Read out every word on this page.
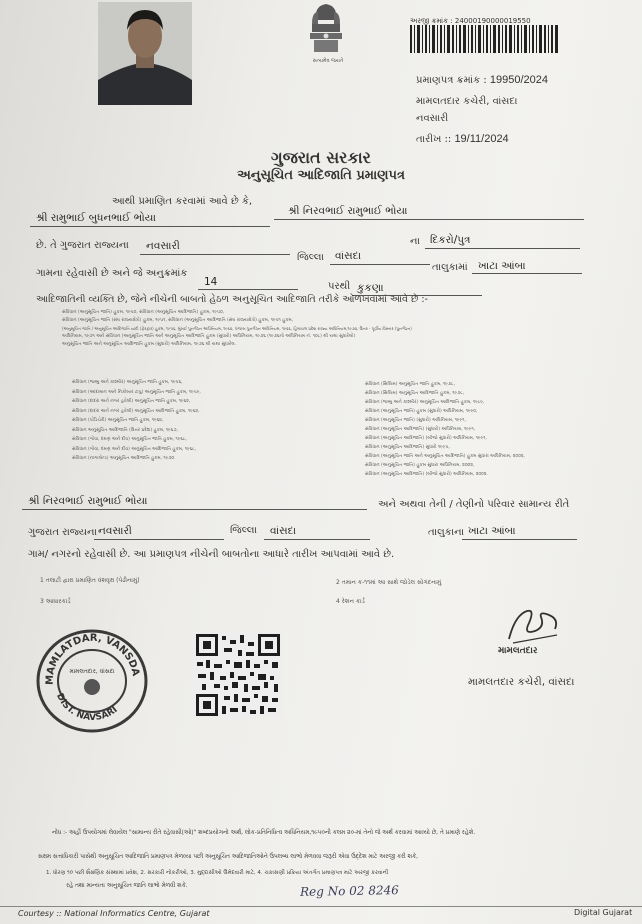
સત્યમેવ જયતે
અરજી ક્રમાંક : 24000190000019550
પ્રમાણપત્ર ક્રમાંક : 19950/2024
મામલતદાર કચેરી, વાંસદા
નવસારી
તારીખ :: 19/11/2024
ગુજરાત સરકાર
અનુસૂચિત આદિજાતિ પ્રમાણપત્ર
આથી પ્રમાણિત કરવામાં આવે છે કે,
શ્રી નિરવભાઈ રામુભાઈ ભોયા
શ્રી રામુભાઈ બુધનભાઈ ભોયા
ના દિકરો/પુત્ર
છે. તે ગુજરાત રાજ્યના નવસારી
જિલ્લા વાંસદા
તાલુકામાં ખાટા આંબા
ગામના રહેવાસી છે અને જે અનુક્રમાંક
14	પરથી કુકણા
આદિજાતિની વ્યક્તિ છે, જેને નીચેની બાબતો હેઠળ અનુસૂચિત આદિજાતિ તરીકે ઓળખવામાં આવે છે :-
સંવિધાન (અનુસૂચિત જાતિ) હુકમ, ૧૯૫૦, સંવિધાન (અનુસૂચિત આદિજાતિ) હુકમ, ૧૯૫૦,
સંવિધાન (અનુસૂચિત જાતિ (સંઘ રાજ્યક્ષેત્રો) હુકમ, ૧૯૫૧, સંવિધાન (અનુસૂચિત આદિજાતિ (સંઘ રાજ્યક્ષેત્રો) હુકમ, ૧૯૫૧ હુકમ,
(અનુસૂચિત જાતિ / અનુસૂચિત આદિજાતિ યાદી (ફેરફાર) હુકમ, ૧૯૫૬, મુંબઈ પુનર્ગઠન અધિનિયમ, ૧૯૬૦, પંજાબ પુનર્ગઠન અધિનિયમ, ૧૯૬૬, હિમાચલ પ્રદેશ રાજ્ય અધિનિયમ,૧૯૭૦, ઉત્તર - પૂર્વીય વિસ્તાર (પુનર્ગઠન)
અધિનિયમ, ૧૯૭૧ અને સંવિધાન (અનુસૂચિત જાતિ અને અનુસૂચિત આદિજાતિ હુકમ (સુધારો) અધિનિયમ, ૧૯૭૬ (૧૯૭૬નો અધિનિયમ નં. ૧૦૮) થી યથા સુધારેલો)
અનુસૂચિત જાતિ અને અનુસૂચિત આદિજાતિ હુકમ (સુધારો) અધિનિયમ, ૧૯૭૬ થી યથા સુધારેલ.
સંવિધાન (જમ્મુ અને કાશ્મીર) અનુસૂચિત જાતિ હુકમ, ૧૯૫૬,
સંવિધાન (આંદામાન અને નિકોબાર ટાપુ) અનુસૂચિત જાતિ હુકમ, ૧૯૫૯,
સંવિધાન (દાદરા અને નગર હવેલી) અનુસૂચિત જાતિ હુકમ, ૧૯૬૨,
સંવિધાન (દાદરા અને નગર હવેલી) અનુસૂચિત આદિજાતિ હુકમ, ૧૯૬૨,
સંવિધાન (પોંડિચેરી) અનુસૂચિત જાતિ હુકમ, ૧૯૬૪,
સંવિધાન અનુસૂચિત આદિજાતિ (ઉત્તર પ્રદેશ) હુકમ, ૧૯૬૭,
સંવિધાન (ગોવા, દમણ અને દીવ) અનુસૂચિત જાતિ હુકમ, ૧૯૬૮,
સંવિધાન (ગોવા, દમણ અને દીવ) અનુસૂચિત આદિજાતિ હુકમ, ૧૯૬૮,
સંવિધાન (નાગાલેન્ડ) અનુસૂચિત આદિજાતિ હુકમ, ૧૯૭૦.
સંવિધાન (સિક્કિમ) અનુસૂચિત જાતિ હુકમ, ૧૯૭૮,
સંવિધાન (સિક્કિમ) અનુસૂચિત આદિજાતિ હુકમ, ૧૯૭૮,
સંવિધાન (જમ્મુ અને કાશ્મીર) અનુસૂચિત આદિજાતિ હુકમ, ૧૯૮૯,
સંવિધાન (અનુસૂચિત જાતિ) હુકમ (સુધારો) અધિનિયમ, ૧૯૯૦,
સંવિધાન (અનુસૂચિત જાતિ) (સુધારો) અધિનિયમ, ૧૯૯૧,
સંવિધાન (અનુસૂચિત આદિજાતિ) (સુધારો) અધિનિયમ, ૧૯૯૧,
સંવિધાન (અનુસૂચિત આદિજાતિ) (બીજો સુધારો) અધિનિયમ, ૧૯૯૧,
સંવિધાન (અનુસૂચિત આદિજાતિ) સુધારો ૧૯૯૫,
સંવિધાન (અનુસૂચિત જાતિ અને અનુસૂચિત આદિજાતિ) હુકમ સુધારા અધિનિયમ, ૨૦૦૨,
સંવિધાન (અનુસૂચિત જાતિ) હુકમ સુધારા અધિનિયમ, ૨૦૦૨,
સંવિધાન (અનુસૂચિત આદિજાતિ) (બીજો સુધારો) અધિનિયમ, ૨૦૦૨.
શ્રી નિરવભાઈ રામુભાઈ ભોયા	અને અથવા તેની / તેણીનો પરિવાર સામાન્ય રીતે
ગુજરાત રાજ્યના નવસારી	જિલ્લા વાંસદા	તાલુકાના ખાટા આંબા
ગામ/ નગરનો રહેવાસી છે. આ પ્રમાણપત્ર નીચેની બાબતોના આધારે તારીખ આપવામાં આવે છે.
1 તલાટી દ્વારા પ્રમાણિત વંશવૃક્ષ (પેઢીનામું)	2 તમાન ક-૧૧માં આ સાથે જોડેલ સોગંદનામું
3 આધારકાર્ડ	4 રેશન કાર્ડ
MAMLATDAR, VANSDA
DIST. NAVSARI
મામલતદાર, વાંસદા
મામલતદાર
મામલતદાર કચેરી, વાંસદા
નોંધ :- અહીં ઉપયોગમાં લેવાયેલ "સામાન્ય રીતે રહેવાસી(ઓ)" શબ્દપ્રયોગનો અર્થ, લોક-પ્રતિનિધિત્વ અધિનિયમ,૧૯૫૦ની કલમ ૨૦-માં તેનો જે અર્થ કરવામાં આવ્યો છે, તે પ્રમાણે રહેશે.
સક્ષમ સત્તાધિકારી પાસેથી અનુસૂચિત આદિજાતિ પ્રમાણપત્ર મેળવ્યા પછી અનુસૂચિત આદિજાતિઓને ઉપલબ્ધ લાભો મેળવવા જરૂરી એવા ઉદ્દેશ માટે અરજી કરી શકે,
1. ધોરણ ૧૦ પછી શૈક્ષણિક સંસ્થામાં પ્રવેશ, 2. સરકારી નોકરીઓ, 3. મુદ્દાસીઓ ઉમેદવારી માટે, 4. ચકાસણી પ્રક્રિયા અંતર્ગત પ્રમાણપત્ર માટે અરજી કરવાની
રહે તથા માન્યતા અનુસૂચિત જાતિ લાભો મેળવી શકે.	Reg No 02 8246
Courtesy :: National Informatics Centre, Gujarat	Digital Gujarat
